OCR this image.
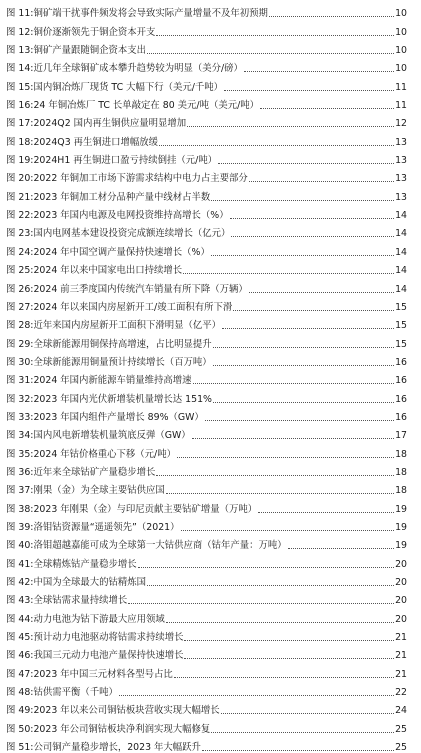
图 11: 铜矿端干扰事件频发将会导致实际产量增量不及年初预期	10
图 12: 铜价逐渐领先于铜企资本开支	10
图 13: 铜矿产量跟随铜企资本支出	10
图 14: 近几年全球铜矿成本攀升趋势较为明显（美分/磅）	10
图 15: 国内铜冶炼厂现货 TC 大幅下行（美元/千吨）	11
图 16: 24 年铜冶炼厂 TC 长单敲定在 80 美元/吨（美元/吨）	11
图 17: 2024Q2 国内再生铜供应量明显增加	12
图 18: 2024Q3 再生铜进口增幅放缓	13
图 19: 2024H1 再生铜进口盈亏持续倒挂（元/吨）	13
图 20: 2022 年铜加工市场下游需求结构中电力占主要部分	13
图 21: 2023 年铜加工材分品种产量中线材占半数	13
图 22: 2023 年国内电源及电网投资维持高增长（%）	14
图 23: 国内电网基本建设投资完成额连续增长（亿元）	14
图 24: 2024 年中国空调产量保持快速增长（%）	14
图 25: 2024 年以来中国家电出口持续增长	14
图 26: 2024 前三季度国内传统汽车销量有所下降（万辆）	14
图 27: 2024 年以来国内房屋新开工/竣工面积有所下滑	15
图 28: 近年来国内房屋新开工面积下滑明显（亿平）	15
图 29: 全球新能源用铜保持高增速，占比明显提升	15
图 30: 全球新能源用铜量预计持续增长（百万吨）	16
图 31: 2024 年国内新能源车销量维持高增速	16
图 32: 2023 年国内光伏新增装机量增长达 151%	16
图 33: 2023 年国内组件产量增长 89%（GW）	16
图 34: 国内风电新增装机量筑底反弹（GW）	17
图 35: 2024 年钴价格重心下移（元/吨）	18
图 36: 近年来全球钴矿产量稳步增长	18
图 37: 刚果（金）为全球主要钴供应国	18
图 38: 2023 年刚果（金）与印尼贡献主要钴矿增量（万吨）	19
图 39: 洛钼钴资源量“遥遥领先”（2021）	19
图 40: 洛钼超越嘉能可成为全球第一大钴供应商（钴年产量：万吨）	19
图 41: 全球精炼钴产量稳步增长	20
图 42: 中国为全球最大的钴精炼国	20
图 43: 全球钴需求量持续增长	20
图 44: 动力电池为钴下游最大应用领域	20
图 45: 预计动力电池驱动将钴需求持续增长	21
图 46: 我国三元动力电池产量保持快速增长	21
图 47: 2023 年中国三元材料各型号占比	21
图 48: 钴供需平衡（千吨）	22
图 49: 2023 年以来公司铜钴板块营收实现大幅增长	24
图 50: 2023 年公司铜钴板块净利润实现大幅修复	25
图 51: 公司铜产量稳步增长，2023 年大幅跃升	25
